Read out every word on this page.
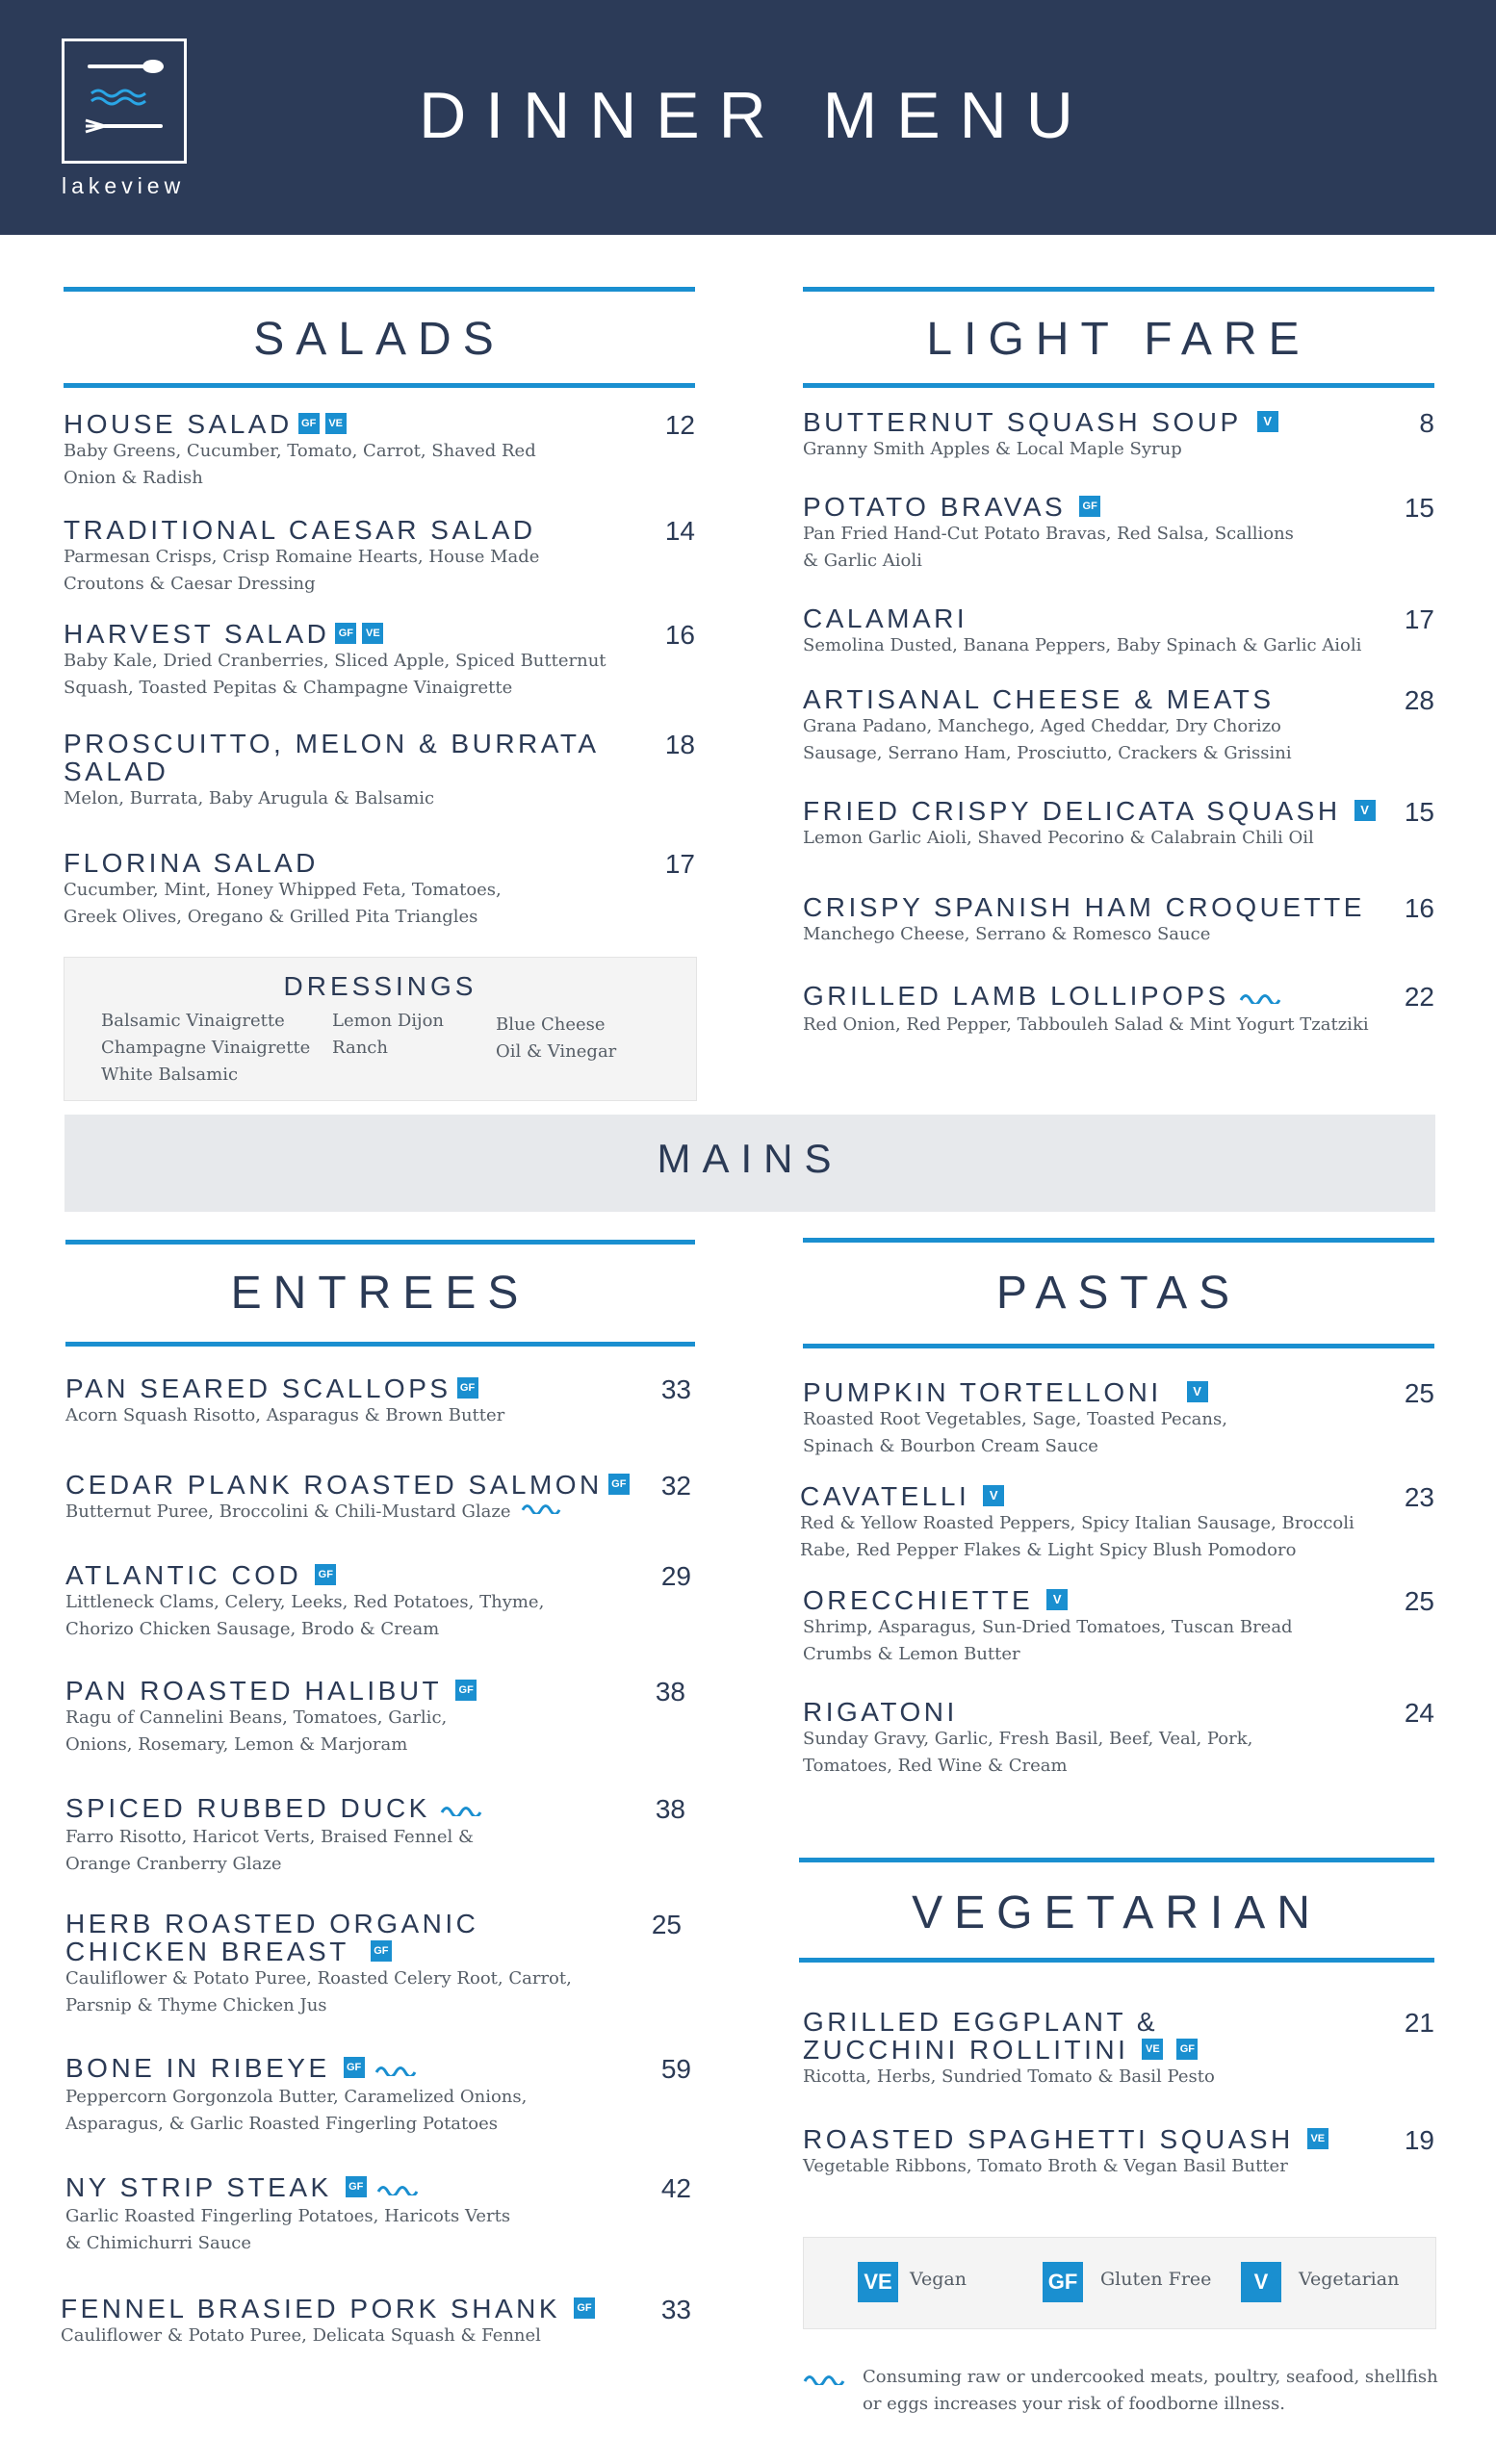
lakeview
DINNER MENU
SALADS
HOUSE SALAD GF VE
Baby Greens, Cucumber, Tomato, Carrot, Shaved Red Onion & Radish
12
TRADITIONAL CAESAR SALAD
Parmesan Crisps, Crisp Romaine Hearts, House Made Croutons & Caesar Dressing
14
HARVEST SALAD GF VE
Baby Kale, Dried Cranberries, Sliced Apple, Spiced Butternut Squash, Toasted Pepitas & Champagne Vinaigrette
16
PROSCUITTO, MELON & BURRATA SALAD
Melon, Burrata, Baby Arugula & Balsamic
18
FLORINA SALAD
Cucumber, Mint, Honey Whipped Feta, Tomatoes, Greek Olives, Oregano & Grilled Pita Triangles
17
DRESSINGS
Balsamic Vinaigrette
Champagne Vinaigrette
White Balsamic
Lemon Dijon
Ranch
Blue Cheese
Oil & Vinegar
LIGHT FARE
BUTTERNUT SQUASH SOUP V
Granny Smith Apples & Local Maple Syrup
8
POTATO BRAVAS GF
Pan Fried Hand-Cut Potato Bravas, Red Salsa, Scallions & Garlic Aioli
15
CALAMARI
Semolina Dusted, Banana Peppers, Baby Spinach & Garlic Aioli
17
ARTISANAL CHEESE & MEATS
Grana Padano, Manchego, Aged Cheddar, Dry Chorizo Sausage, Serrano Ham, Prosciutto, Crackers & Grissini
28
FRIED CRISPY DELICATA SQUASH V
Lemon Garlic Aioli, Shaved Pecorino & Calabrain Chili Oil
15
CRISPY SPANISH HAM CROQUETTE
Manchego Cheese, Serrano & Romesco Sauce
16
GRILLED LAMB LOLLIPOPS
Red Onion, Red Pepper, Tabbouleh Salad & Mint Yogurt Tzatziki
22
MAINS
ENTREES
PAN SEARED SCALLOPS GF
Acorn Squash Risotto, Asparagus & Brown Butter
33
CEDAR PLANK ROASTED SALMON GF
Butternut Puree, Broccolini & Chili-Mustard Glaze
32
ATLANTIC COD GF
Littleneck Clams, Celery, Leeks, Red Potatoes, Thyme, Chorizo Chicken Sausage, Brodo & Cream
29
PAN ROASTED HALIBUT GF
Ragu of Cannelini Beans, Tomatoes, Garlic, Onions, Rosemary, Lemon & Marjoram
38
SPICED RUBBED DUCK
Farro Risotto, Haricot Verts, Braised Fennel & Orange Cranberry Glaze
38
HERB ROASTED ORGANIC CHICKEN BREAST GF
Cauliflower & Potato Puree, Roasted Celery Root, Carrot, Parsnip & Thyme Chicken Jus
25
BONE IN RIBEYE GF
Peppercorn Gorgonzola Butter, Caramelized Onions, Asparagus, & Garlic Roasted Fingerling Potatoes
59
NY STRIP STEAK GF
Garlic Roasted Fingerling Potatoes, Haricots Verts & Chimichurri Sauce
42
FENNEL BRASIED PORK SHANK GF
Cauliflower & Potato Puree, Delicata Squash & Fennel
33
PASTAS
PUMPKIN TORTELLONI	V
Roasted Root Vegetables, Sage, Toasted Pecans, Spinach & Bourbon Cream Sauce
25
CAVATELLI V
Red & Yellow Roasted Peppers, Spicy Italian Sausage, Broccoli Rabe, Red Pepper Flakes & Light Spicy Blush Pomodoro
23
ORECCHIETTE V
Shrimp, Asparagus, Sun-Dried Tomatoes, Tuscan Bread Crumbs & Lemon Butter
25
RIGATONI
Sunday Gravy, Garlic, Fresh Basil, Beef, Veal, Pork, Tomatoes, Red Wine & Cream
24
VEGETARIAN
GRILLED EGGPLANT & ZUCCHINI ROLLITINI VE GF
Ricotta, Herbs, Sundried Tomato & Basil Pesto
21
ROASTED SPAGHETTI SQUASH VE
Vegetable Ribbons, Tomato Broth & Vegan Basil Butter
19
VE Vegan	GF	Gluten Free	V	Vegetarian
Consuming raw or undercooked meats, poultry, seafood, shellfish or eggs increases your risk of foodborne illness.
